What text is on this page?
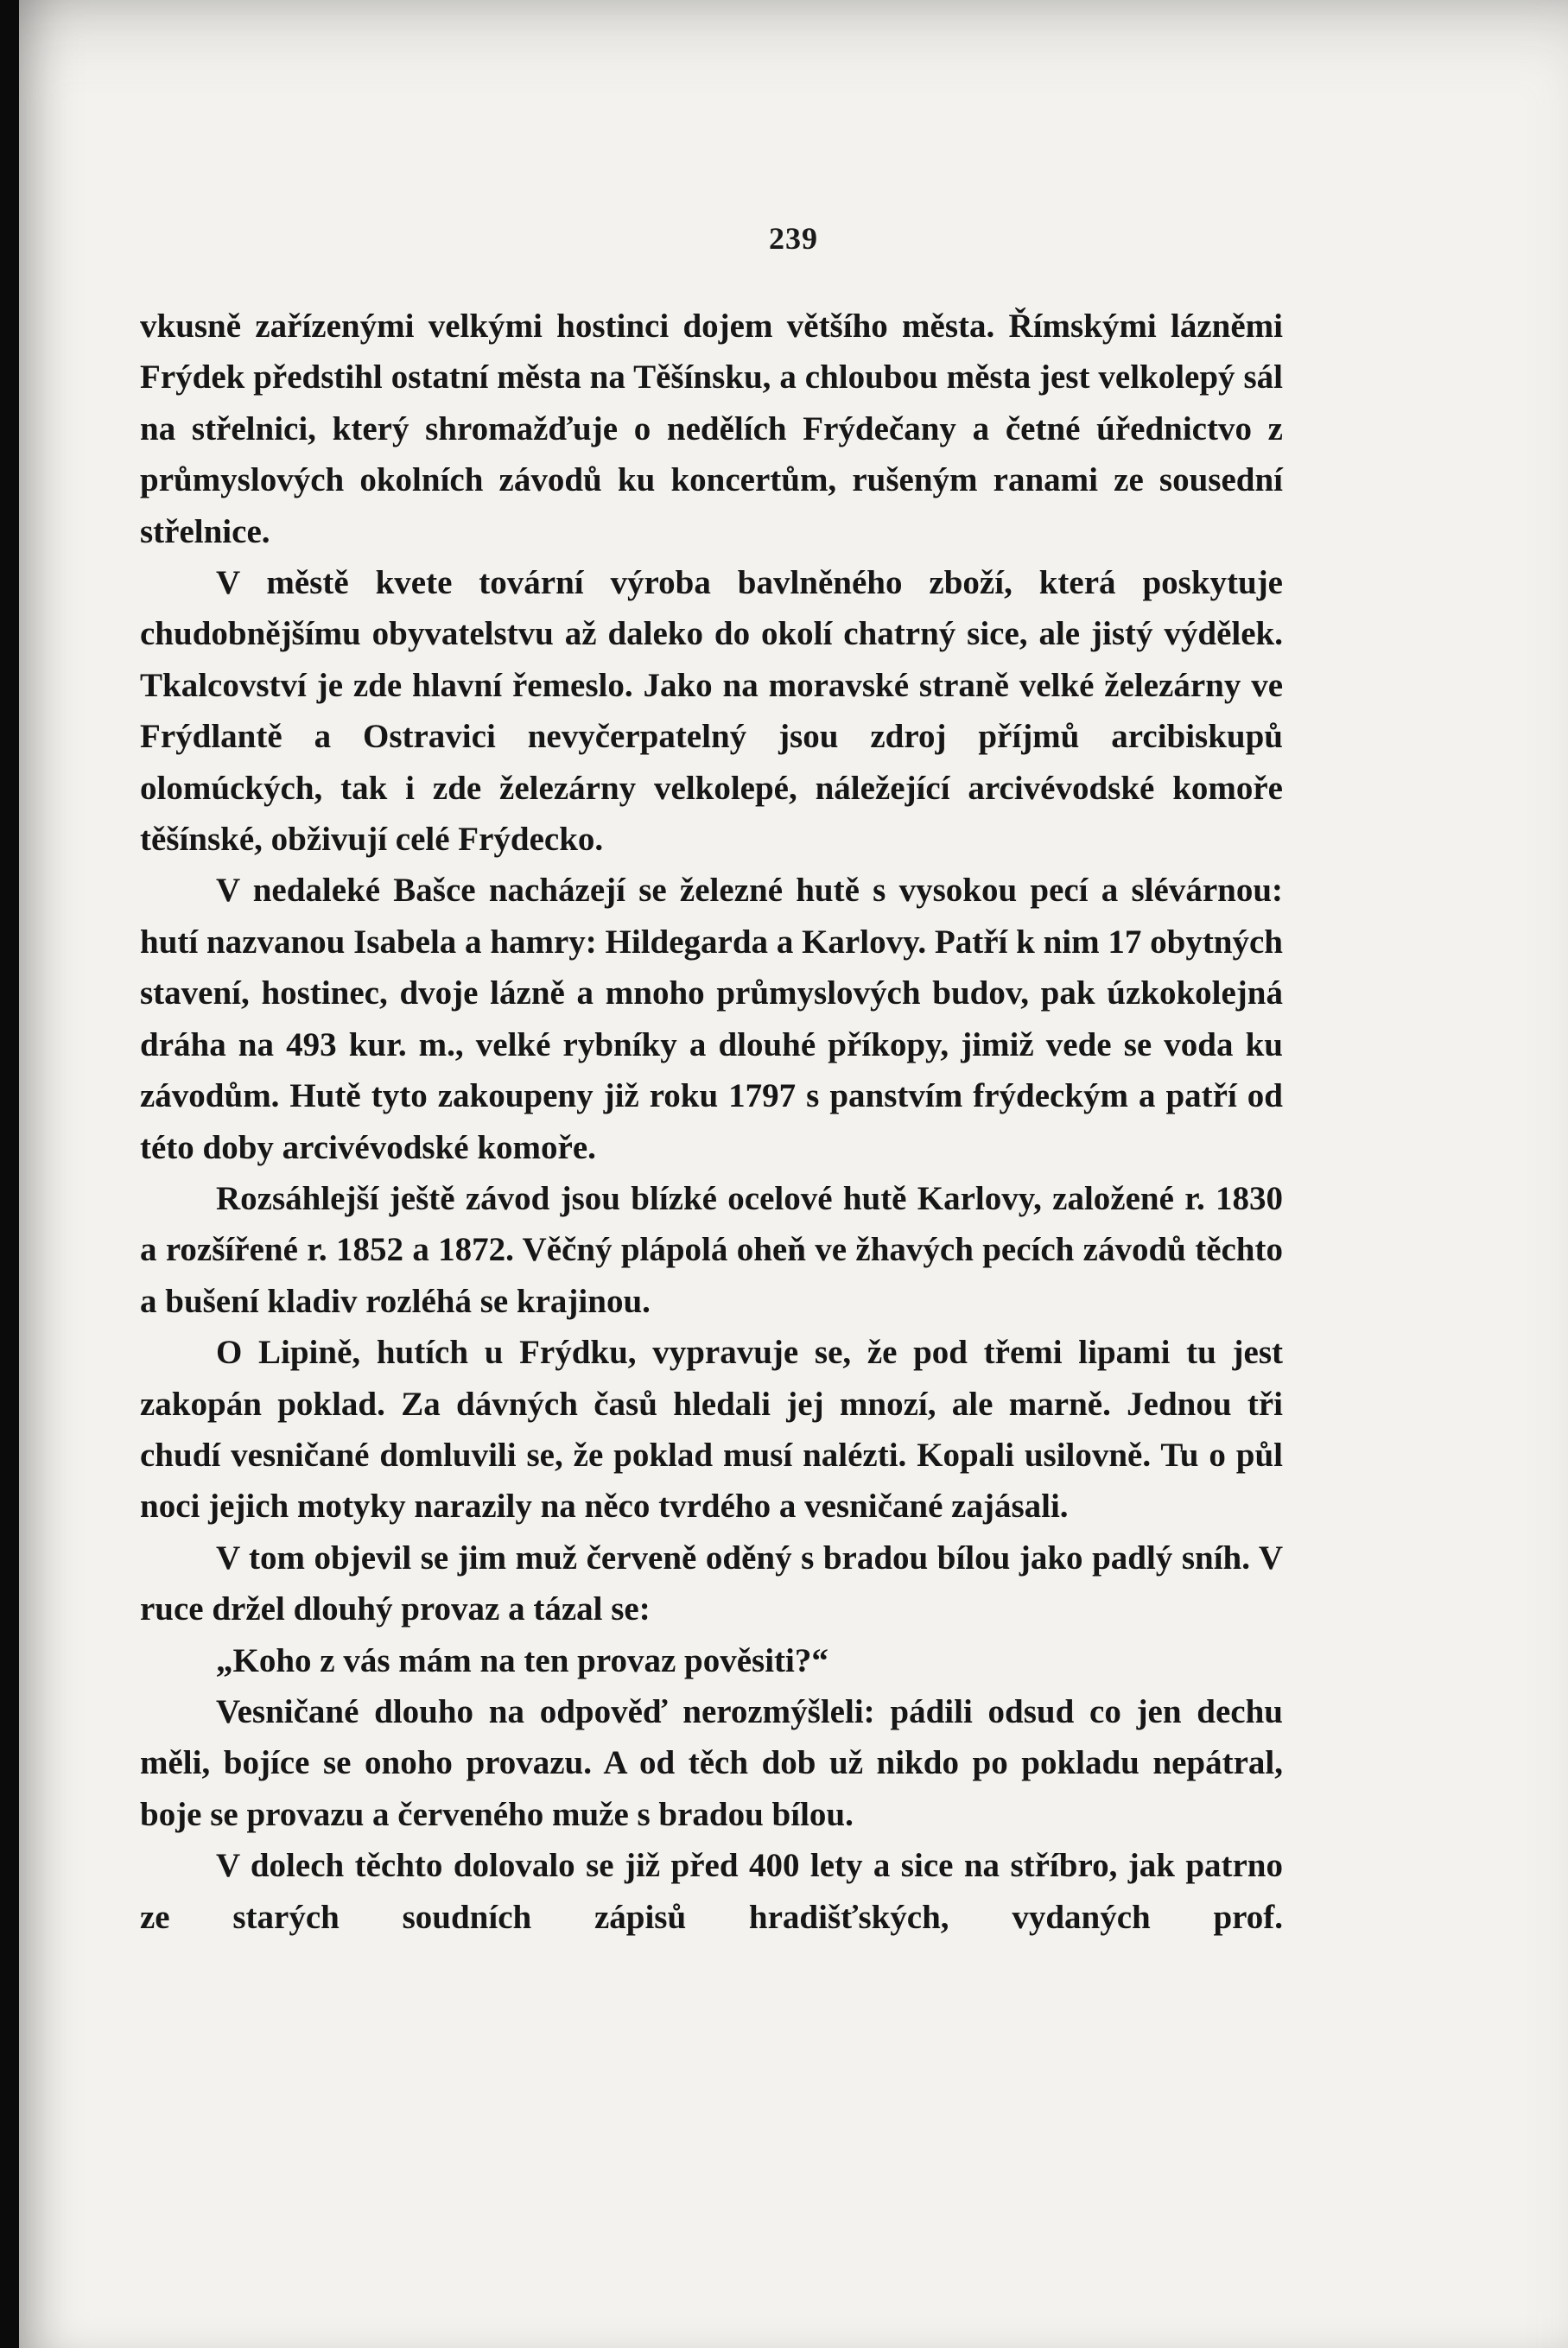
239

vkusně zařízenými velkými hostinci dojem většího města. Římskými lázněmi Frýdek předstihl ostatní města na Těšínsku, a chloubou města jest velkolepý sál na střelnici, který shromažďuje o nedělích Frýdečany a četné úřednictvo z průmyslových okolních závodů ku koncertům, rušeným ranami ze sousední střelnice.

V městě kvete tovární výroba bavlněného zboží, která poskytuje chudobnějšímu obyvatelstvu až daleko do okolí chatrný sice, ale jistý výdělek. Tkalcovství je zde hlavní řemeslo. Jako na moravské straně velké železárny ve Frýdlantě a Ostravici nevyčerpatelný jsou zdroj příjmů arcibiskupů olomúckých, tak i zde železárny velkolepé, náležející arcivévodské komoře těšínské, obživují celé Frýdecko.

V nedaleké Bašce nacházejí se železné hutě s vysokou pecí a slévárnou: hutí nazvanou Isabela a hamry: Hildegarda a Karlovy. Patří k nim 17 obytných stavení, hostinec, dvoje lázně a mnoho průmyslových budov, pak úzkokolejná dráha na 493 kur. m., velké rybníky a dlouhé příkopy, jimiž vede se voda ku závodům. Hutě tyto zakoupeny již roku 1797 s panstvím frýdeckým a patří od této doby arcivévodské komoře.

Rozsáhlejší ještě závod jsou blízké ocelové hutě Karlovy, založené r. 1830 a rozšířené r. 1852 a 1872. Věčný plápolá oheň ve žhavých pecích závodů těchto a bušení kladiv rozléhá se krajinou.

O Lipině, hutích u Frýdku, vypravuje se, že pod třemi lipami tu jest zakopán poklad. Za dávných časů hledali jej mnozí, ale marně. Jednou tři chudí vesničané domluvili se, že poklad musí nalézti. Kopali usilovně. Tu o půl noci jejich motyky narazily na něco tvrdého a vesničané zajásali.

V tom objevil se jim muž červeně oděný s bradou bílou jako padlý sníh. V ruce držel dlouhý provaz a tázal se:

„Koho z vás mám na ten provaz pověsiti?“

Vesničané dlouho na odpověď nerozmýšleli: pádili odsud co jen dechu měli, bojíce se onoho provazu. A od těch dob už nikdo po pokladu nepátral, boje se provazu a červeného muže s bradou bílou.

V dolech těchto dolovalo se již před 400 lety a sice na stříbro, jak patrno ze starých soudních zápisů hradišťských, vydaných prof.
